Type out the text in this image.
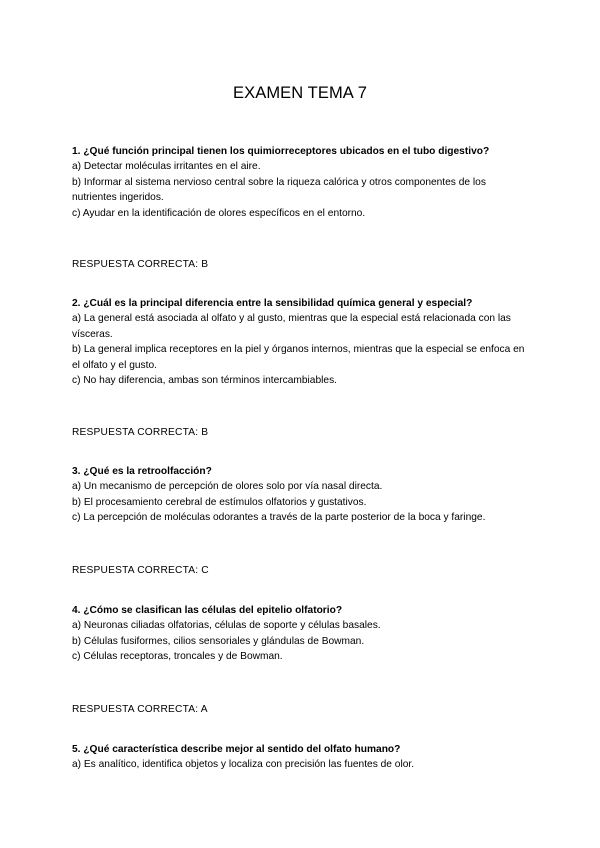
EXAMEN TEMA 7

1. ¿Qué función principal tienen los quimiorreceptores ubicados en el tubo digestivo?

a) Detectar moléculas irritantes en el aire.

b) Informar al sistema nervioso central sobre la riqueza calórica y otros componentes de los nutrientes ingeridos.

c) Ayudar en la identificación de olores específicos en el entorno.

RESPUESTA CORRECTA: B

2. ¿Cuál es la principal diferencia entre la sensibilidad química general y especial?

a) La general está asociada al olfato y al gusto, mientras que la especial está relacionada con las vísceras.

b) La general implica receptores en la piel y órganos internos, mientras que la especial se enfoca en el olfato y el gusto.

c) No hay diferencia, ambas son términos intercambiables.

RESPUESTA CORRECTA: B

3. ¿Qué es la retroolfacción?

a) Un mecanismo de percepción de olores solo por vía nasal directa.

b) El procesamiento cerebral de estímulos olfatorios y gustativos.

c) La percepción de moléculas odorantes a través de la parte posterior de la boca y faringe.

RESPUESTA CORRECTA: C

4. ¿Cómo se clasifican las células del epitelio olfatorio?

a) Neuronas ciliadas olfatorias, células de soporte y células basales.

b) Células fusiformes, cilios sensoriales y glándulas de Bowman.

c) Células receptoras, troncales y de Bowman.

RESPUESTA CORRECTA: A

5. ¿Qué característica describe mejor al sentido del olfato humano?

a) Es analítico, identifica objetos y localiza con precisión las fuentes de olor.
